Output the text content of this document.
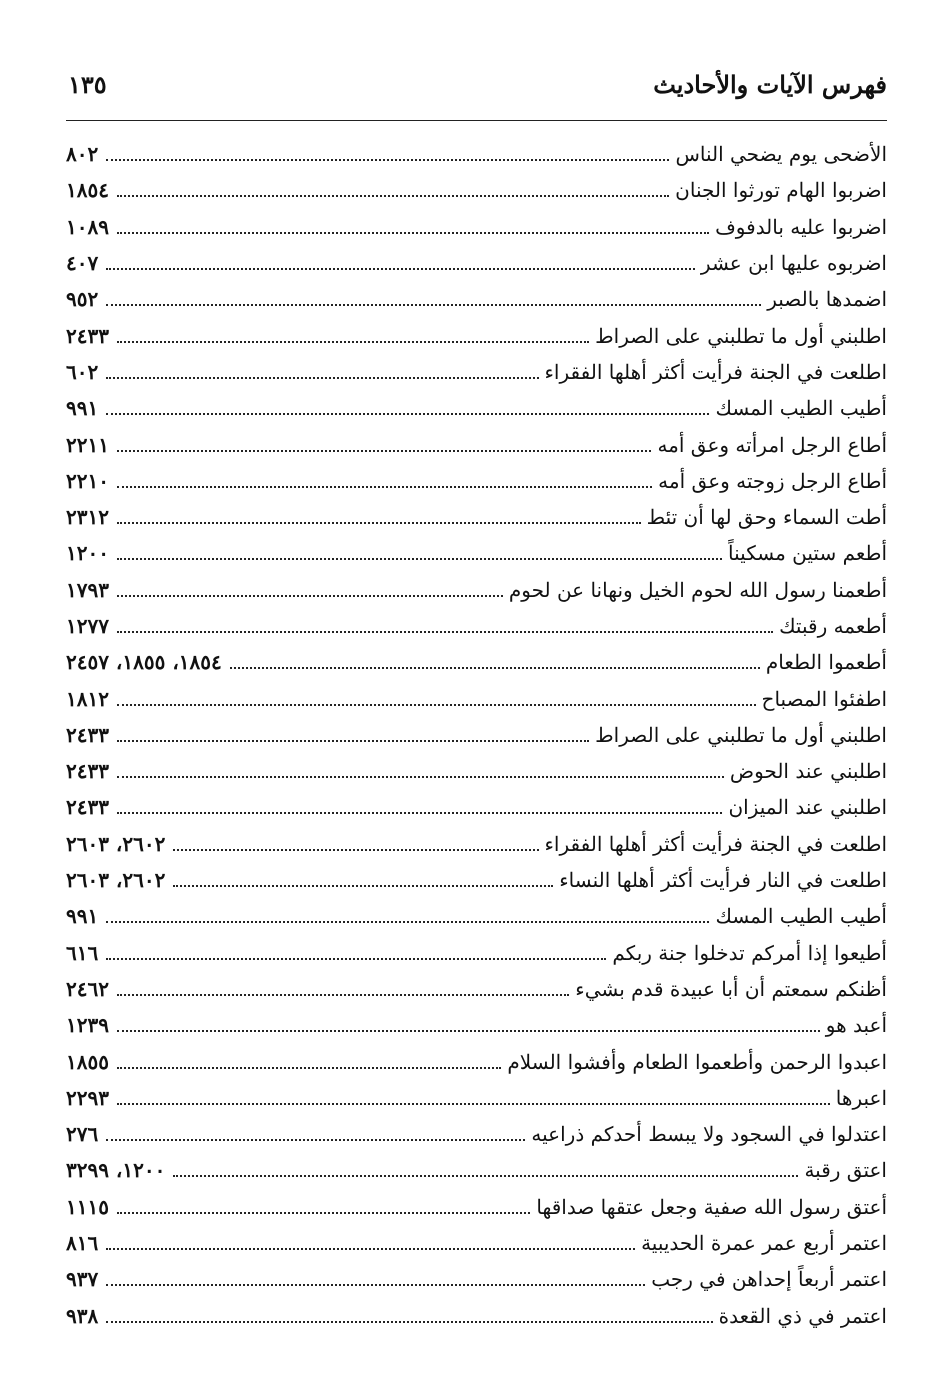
فهرس الآيات والأحاديث
١٣٥
الأضحى يوم يضحي الناس
٨٠٢
اضربوا الهام تورثوا الجنان
١٨٥٤
اضربوا عليه بالدفوف
١٠٨٩
اضربوه عليها ابن عشر
٤٠٧
اضمدها بالصبر
٩٥٢
اطلبني أول ما تطلبني على الصراط
٢٤٣٣
اطلعت في الجنة فرأيت أكثر أهلها الفقراء
٦٠٢
أطيب الطيب المسك
٩٩١
أطاع الرجل امرأته وعق أمه
٢٢١١
أطاع الرجل زوجته وعق أمه
٢٢١٠
أطت السماء وحق لها أن تئط
٢٣١٢
أطعم ستين مسكيناً
١٢٠٠
أطعمنا رسول الله لحوم الخيل ونهانا عن لحوم
١٧٩٣
أطعمه رقبتك
١٢٧٧
أطعموا الطعام
١٨٥٤، ١٨٥٥، ٢٤٥٧
اطفئوا المصباح
١٨١٢
اطلبني أول ما تطلبني على الصراط
٢٤٣٣
اطلبني عند الحوض
٢٤٣٣
اطلبني عند الميزان
٢٤٣٣
اطلعت في الجنة فرأيت أكثر أهلها الفقراء
٢٦٠٢، ٢٦٠٣
اطلعت في النار فرأيت أكثر أهلها النساء
٢٦٠٢، ٢٦٠٣
أطيب الطيب المسك
٩٩١
أطيعوا إذا أمركم تدخلوا جنة ربكم
٦١٦
أظنكم سمعتم أن أبا عبيدة قدم بشيء
٢٤٦٢
أعبد هو
١٢٣٩
اعبدوا الرحمن وأطعموا الطعام وأفشوا السلام
١٨٥٥
اعبرها
٢٢٩٣
اعتدلوا في السجود ولا يبسط أحدكم ذراعيه
٢٧٦
اعتق رقبة
١٢٠٠، ٣٢٩٩
أعتق رسول الله صفية وجعل عتقها صداقها
١١١٥
اعتمر أربع عمر عمرة الحديبية
٨١٦
اعتمر أربعاً إحداهن في رجب
٩٣٧
اعتمر في ذي القعدة
٩٣٨
